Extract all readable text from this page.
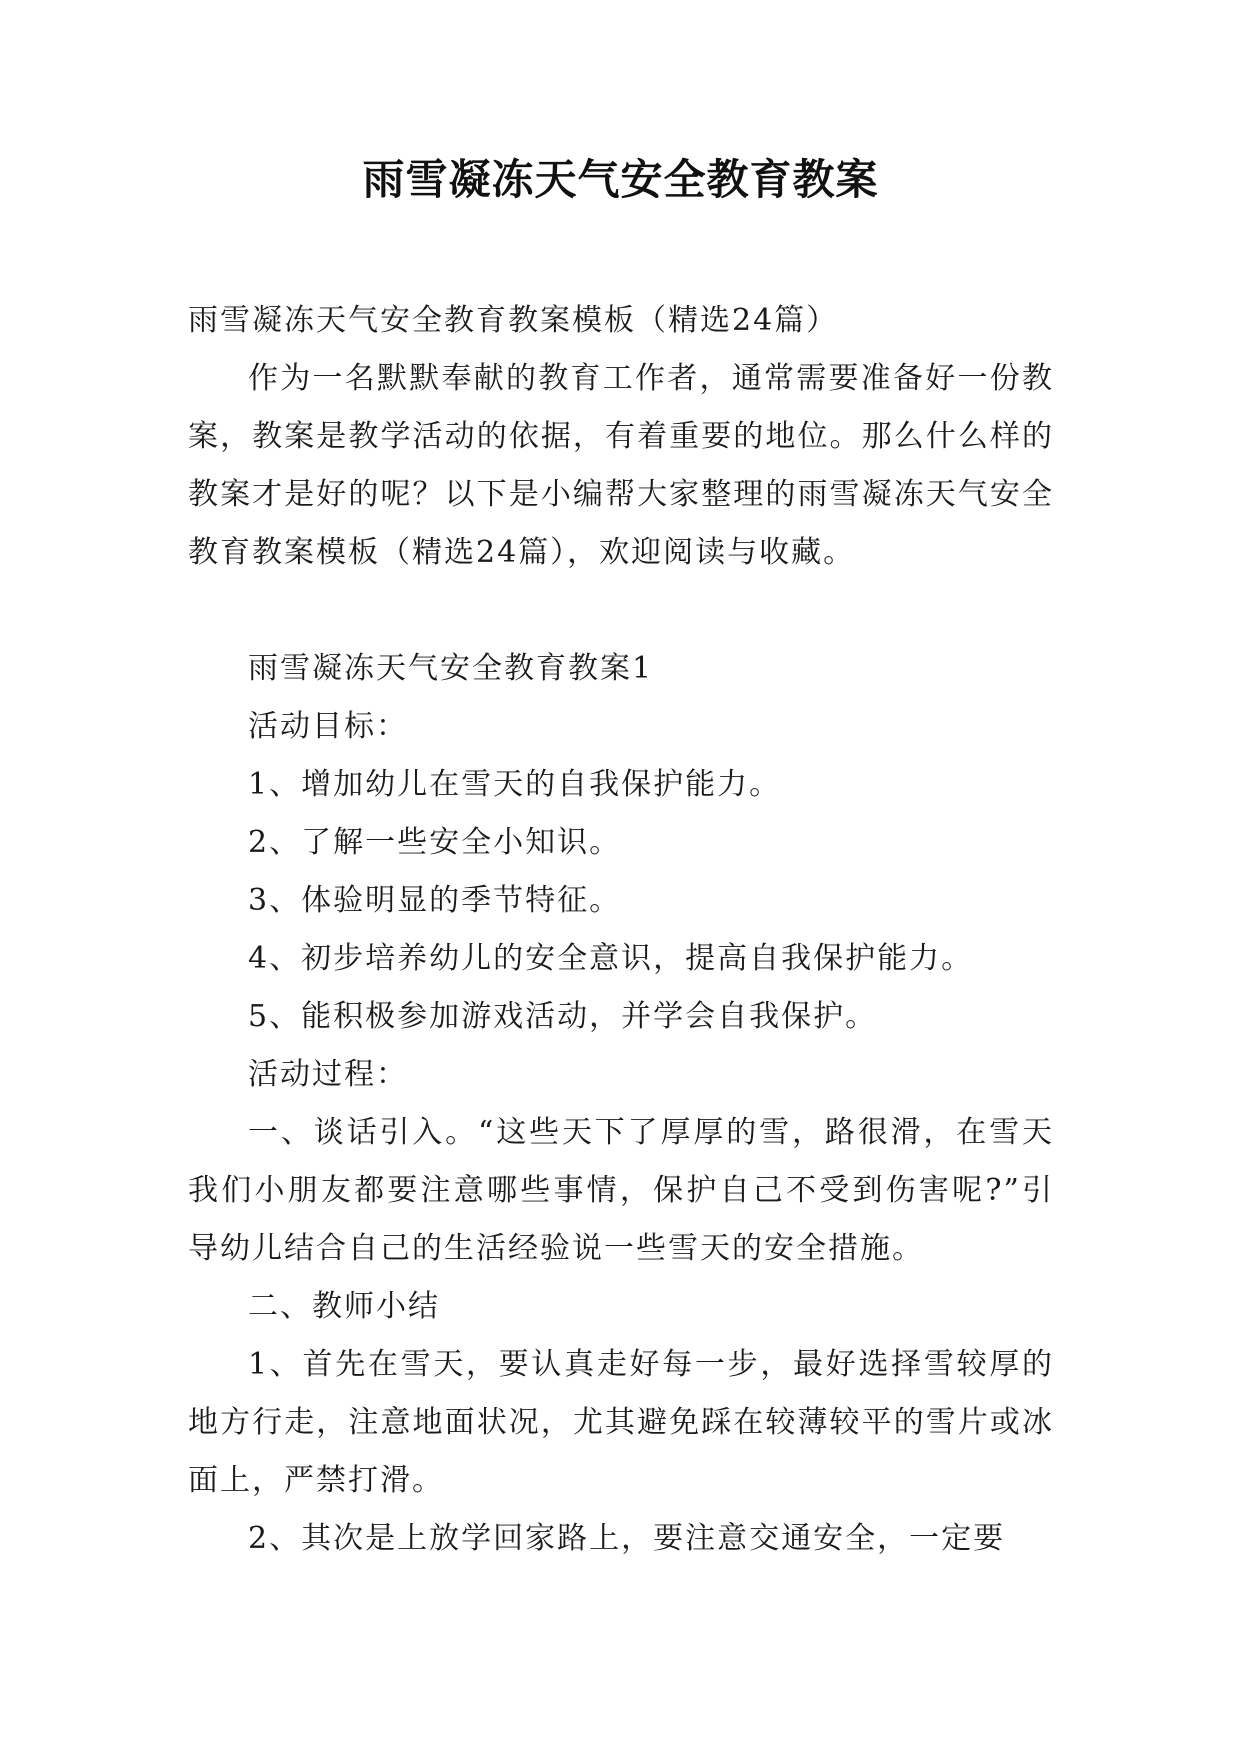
雨雪凝冻天气安全教育教案

雨雪凝冻天气安全教育教案模板（精选24篇）

作为一名默默奉献的教育工作者，通常需要准备好一份教案，教案是教学活动的依据，有着重要的地位。那么什么样的教案才是好的呢？以下是小编帮大家整理的雨雪凝冻天气安全教育教案模板（精选24篇），欢迎阅读与收藏。

雨雪凝冻天气安全教育教案1

活动目标：

1、增加幼儿在雪天的自我保护能力。

2、了解一些安全小知识。

3、体验明显的季节特征。

4、初步培养幼儿的安全意识，提高自我保护能力。

5、能积极参加游戏活动，并学会自我保护。

活动过程：

一、谈话引入。“这些天下了厚厚的雪，路很滑，在雪天我们小朋友都要注意哪些事情，保护自己不受到伤害呢?”引导幼儿结合自己的生活经验说一些雪天的安全措施。

二、教师小结

1、首先在雪天，要认真走好每一步，最好选择雪较厚的地方行走，注意地面状况，尤其避免踩在较薄较平的雪片或冰面上，严禁打滑。

2、其次是上放学回家路上，要注意交通安全，一定要
